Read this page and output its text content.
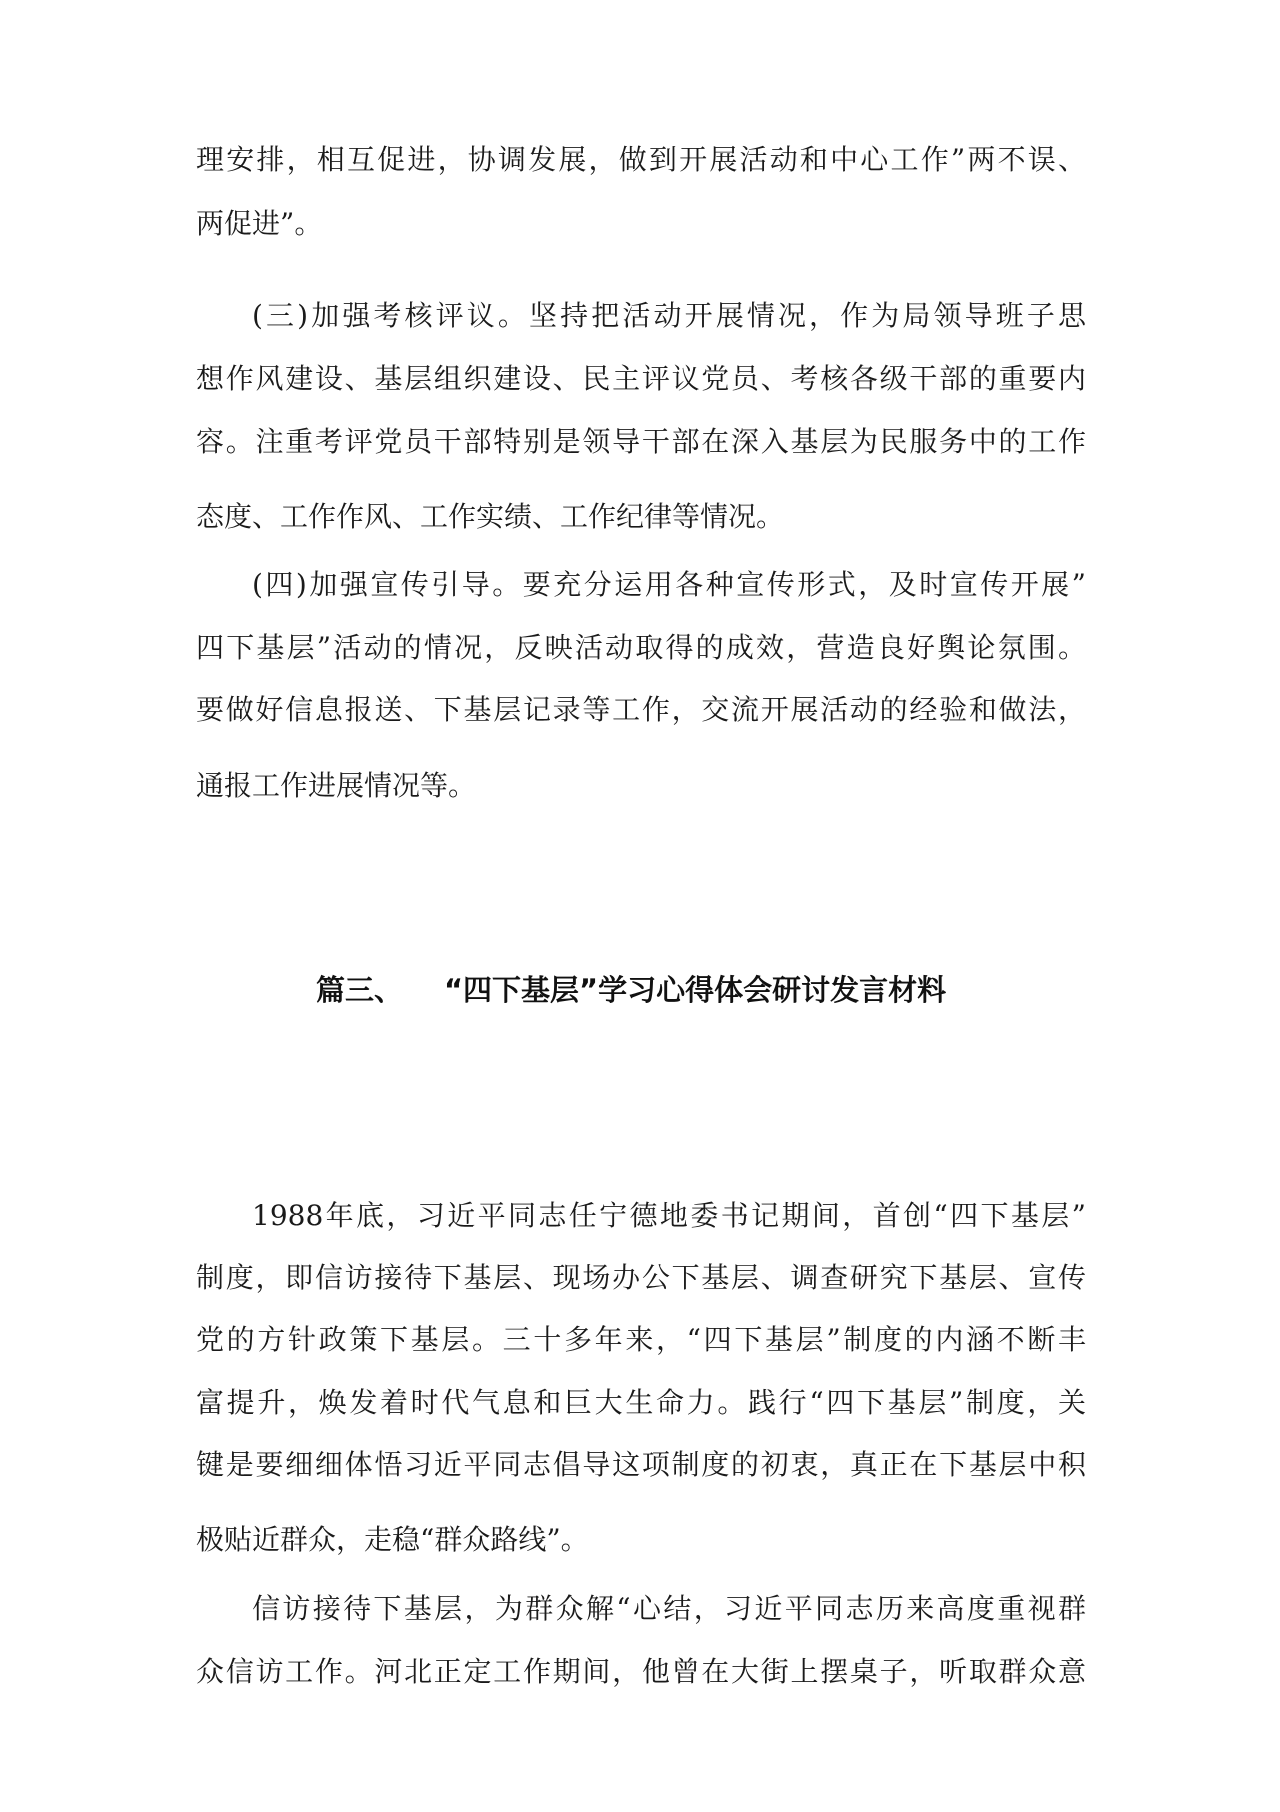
理安排，相互促进，协调发展，做到开展活动和中心工作”两不误、

两促进”。

(三)加强考核评议。坚持把活动开展情况，作为局领导班子思

想作风建设、基层组织建设、民主评议党员、考核各级干部的重要内

容。注重考评党员干部特别是领导干部在深入基层为民服务中的工作

态度、工作作风、工作实绩、工作纪律等情况。

(四)加强宣传引导。要充分运用各种宣传形式，及时宣传开展”

四下基层”活动的情况，反映活动取得的成效，营造良好舆论氛围。

要做好信息报送、下基层记录等工作，交流开展活动的经验和做法，

通报工作进展情况等。

篇三、 “四下基层”学习心得体会研讨发言材料

1988年底，习近平同志任宁德地委书记期间，首创“四下基层”

制度，即信访接待下基层、现场办公下基层、调查研究下基层、宣传

党的方针政策下基层。三十多年来，“四下基层”制度的内涵不断丰

富提升，焕发着时代气息和巨大生命力。践行“四下基层”制度，关

键是要细细体悟习近平同志倡导这项制度的初衷，真正在下基层中积

极贴近群众，走稳“群众路线”。

信访接待下基层，为群众解“心结，习近平同志历来高度重视群

众信访工作。河北正定工作期间，他曾在大街上摆桌子，听取群众意
